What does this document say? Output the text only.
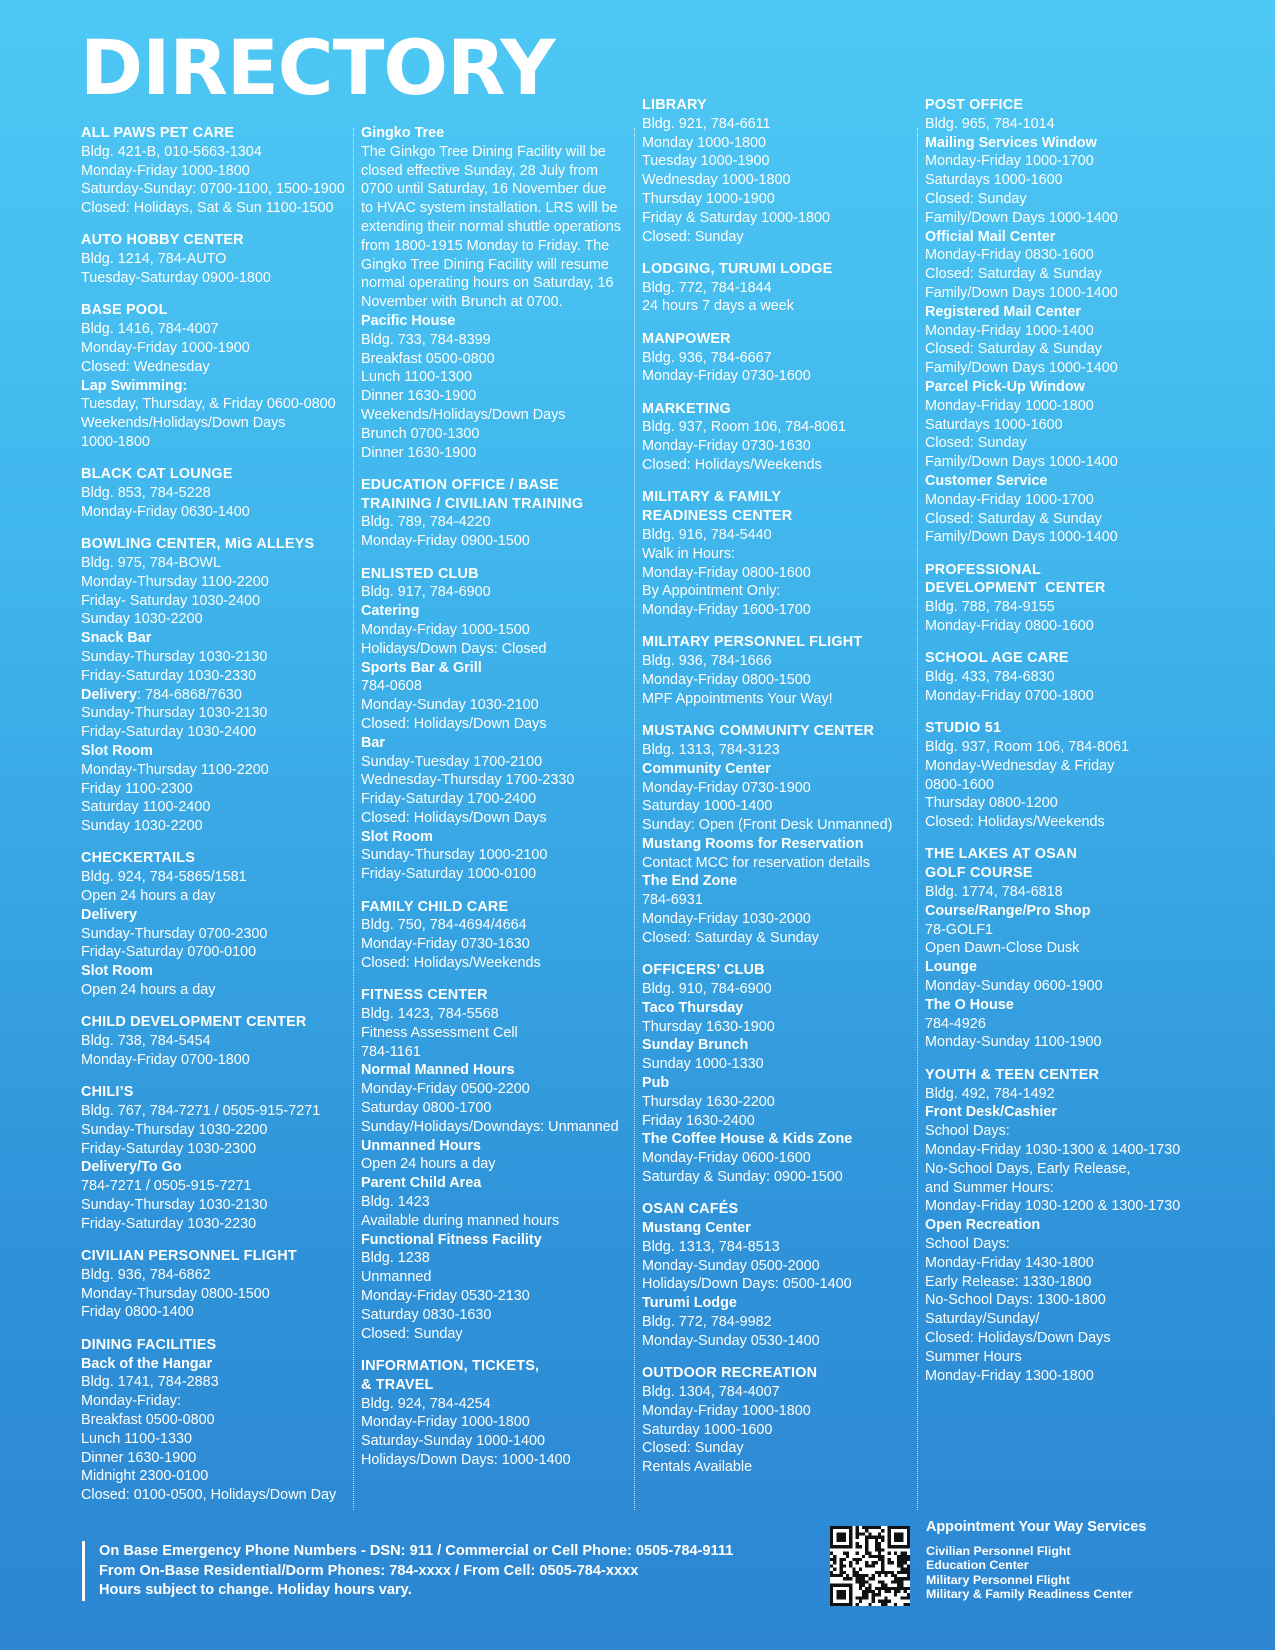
DIRECTORY
ALL PAWS PET CARE
Bldg. 421-B, 010-5663-1304
Monday-Friday 1000-1800
Saturday-Sunday: 0700-1100, 1500-1900
Closed: Holidays, Sat & Sun 1100-1500
AUTO HOBBY CENTER
Bldg. 1214, 784-AUTO
Tuesday-Saturday 0900-1800
BASE POOL
Bldg. 1416, 784-4007
Monday-Friday 1000-1900
Closed: Wednesday
Lap Swimming:
Tuesday, Thursday, & Friday 0600-0800
Weekends/Holidays/Down Days
1000-1800
BLACK CAT LOUNGE
Bldg. 853, 784-5228
Monday-Friday 0630-1400
BOWLING CENTER, MiG ALLEYS
Bldg. 975, 784-BOWL
Monday-Thursday 1100-2200
Friday- Saturday 1030-2400
Sunday 1030-2200
Snack Bar
Sunday-Thursday 1030-2130
Friday-Saturday 1030-2330
Delivery: 784-6868/7630
Sunday-Thursday 1030-2130
Friday-Saturday 1030-2400
Slot Room
Monday-Thursday 1100-2200
Friday 1100-2300
Saturday 1100-2400
Sunday 1030-2200
CHECKERTAILS
Bldg. 924, 784-5865/1581
Open 24 hours a day
Delivery
Sunday-Thursday 0700-2300
Friday-Saturday 0700-0100
Slot Room
Open 24 hours a day
CHILD DEVELOPMENT CENTER
Bldg. 738, 784-5454
Monday-Friday 0700-1800
CHILI’S
Bldg. 767, 784-7271 / 0505-915-7271
Sunday-Thursday 1030-2200
Friday-Saturday 1030-2300
Delivery/To Go
784-7271 / 0505-915-7271
Sunday-Thursday 1030-2130
Friday-Saturday 1030-2230
CIVILIAN PERSONNEL FLIGHT
Bldg. 936, 784-6862
Monday-Thursday 0800-1500
Friday 0800-1400
DINING FACILITIES
Back of the Hangar
Bldg. 1741, 784-2883
Monday-Friday:
Breakfast 0500-0800
Lunch 1100-1330
Dinner 1630-1900
Midnight 2300-0100
Closed: 0100-0500, Holidays/Down Day
Gingko Tree
The Ginkgo Tree Dining Facility will be
closed effective Sunday, 28 July from
0700 until Saturday, 16 November due
to HVAC system installation. LRS will be
extending their normal shuttle operations
from 1800-1915 Monday to Friday. The
Gingko Tree Dining Facility will resume
normal operating hours on Saturday, 16
November with Brunch at 0700.
Pacific House
Bldg. 733, 784-8399
Breakfast 0500-0800
Lunch 1100-1300
Dinner 1630-1900
Weekends/Holidays/Down Days
Brunch 0700-1300
Dinner 1630-1900
EDUCATION OFFICE / BASE
TRAINING / CIVILIAN TRAINING
Bldg. 789, 784-4220
Monday-Friday 0900-1500
ENLISTED CLUB
Bldg. 917, 784-6900
Catering
Monday-Friday 1000-1500
Holidays/Down Days: Closed
Sports Bar & Grill
784-0608
Monday-Sunday 1030-2100
Closed: Holidays/Down Days
Bar
Sunday-Tuesday 1700-2100
Wednesday-Thursday 1700-2330
Friday-Saturday 1700-2400
Closed: Holidays/Down Days
Slot Room
Sunday-Thursday 1000-2100
Friday-Saturday 1000-0100
FAMILY CHILD CARE
Bldg. 750, 784-4694/4664
Monday-Friday 0730-1630
Closed: Holidays/Weekends
FITNESS CENTER
Bldg. 1423, 784-5568
Fitness Assessment Cell
784-1161
Normal Manned Hours
Monday-Friday 0500-2200
Saturday 0800-1700
Sunday/Holidays/Downdays: Unmanned
Unmanned Hours
Open 24 hours a day
Parent Child Area
Bldg. 1423
Available during manned hours
Functional Fitness Facility
Bldg. 1238
Unmanned
Monday-Friday 0530-2130
Saturday 0830-1630
Closed: Sunday
INFORMATION, TICKETS,
& TRAVEL
Bldg. 924, 784-4254
Monday-Friday 1000-1800
Saturday-Sunday 1000-1400
Holidays/Down Days: 1000-1400
LIBRARY
Bldg. 921, 784-6611
Monday 1000-1800
Tuesday 1000-1900
Wednesday 1000-1800
Thursday 1000-1900
Friday & Saturday 1000-1800
Closed: Sunday
LODGING, TURUMI LODGE
Bldg. 772, 784-1844
24 hours 7 days a week
MANPOWER
Bldg. 936, 784-6667
Monday-Friday 0730-1600
MARKETING
Bldg. 937, Room 106, 784-8061
Monday-Friday 0730-1630
Closed: Holidays/Weekends
MILITARY & FAMILY
READINESS CENTER
Bldg. 916, 784-5440
Walk in Hours:
Monday-Friday 0800-1600
By Appointment Only:
Monday-Friday 1600-1700
MILITARY PERSONNEL FLIGHT
Bldg. 936, 784-1666
Monday-Friday 0800-1500
MPF Appointments Your Way!
MUSTANG COMMUNITY CENTER
Bldg. 1313, 784-3123
Community Center
Monday-Friday 0730-1900
Saturday 1000-1400
Sunday: Open (Front Desk Unmanned)
Mustang Rooms for Reservation
Contact MCC for reservation details
The End Zone
784-6931
Monday-Friday 1030-2000
Closed: Saturday & Sunday
OFFICERS’ CLUB
Bldg. 910, 784-6900
Taco Thursday
Thursday 1630-1900
Sunday Brunch
Sunday 1000-1330
Pub
Thursday 1630-2200
Friday 1630-2400
The Coffee House & Kids Zone
Monday-Friday 0600-1600
Saturday & Sunday: 0900-1500
OSAN CAFÉS
Mustang Center
Bldg. 1313, 784-8513
Monday-Sunday 0500-2000
Holidays/Down Days: 0500-1400
Turumi Lodge
Bldg. 772, 784-9982
Monday-Sunday 0530-1400
OUTDOOR RECREATION
Bldg. 1304, 784-4007
Monday-Friday 1000-1800
Saturday 1000-1600
Closed: Sunday
Rentals Available
POST OFFICE
Bldg. 965, 784-1014
Mailing Services Window
Monday-Friday 1000-1700
Saturdays 1000-1600
Closed: Sunday
Family/Down Days 1000-1400
Official Mail Center
Monday-Friday 0830-1600
Closed: Saturday & Sunday
Family/Down Days 1000-1400
Registered Mail Center
Monday-Friday 1000-1400
Closed: Saturday & Sunday
Family/Down Days 1000-1400
Parcel Pick-Up Window
Monday-Friday 1000-1800
Saturdays 1000-1600
Closed: Sunday
Family/Down Days 1000-1400
Customer Service
Monday-Friday 1000-1700
Closed: Saturday & Sunday
Family/Down Days 1000-1400
PROFESSIONAL
DEVELOPMENT  CENTER
Bldg. 788, 784-9155
Monday-Friday 0800-1600
SCHOOL AGE CARE
Bldg. 433, 784-6830
Monday-Friday 0700-1800
STUDIO 51
Bldg. 937, Room 106, 784-8061
Monday-Wednesday & Friday
0800-1600
Thursday 0800-1200
Closed: Holidays/Weekends
THE LAKES AT OSAN
GOLF COURSE
Bldg. 1774, 784-6818
Course/Range/Pro Shop
78-GOLF1
Open Dawn-Close Dusk
Lounge
Monday-Sunday 0600-1900
The O House
784-4926
Monday-Sunday 1100-1900
YOUTH & TEEN CENTER
Bldg. 492, 784-1492
Front Desk/Cashier
School Days:
Monday-Friday 1030-1300 & 1400-1730
No-School Days, Early Release,
and Summer Hours:
Monday-Friday 1030-1200 & 1300-1730
Open Recreation
School Days:
Monday-Friday 1430-1800
Early Release: 1330-1800
No-School Days: 1300-1800
Saturday/Sunday/
Closed: Holidays/Down Days
Summer Hours
Monday-Friday 1300-1800
On Base Emergency Phone Numbers - DSN: 911 / Commercial or Cell Phone: 0505-784-9111
From On-Base Residential/Dorm Phones: 784-xxxx / From Cell: 0505-784-xxxx
Hours subject to change. Holiday hours vary.
Appointment Your Way Services
Civilian Personnel Flight
Education Center
Military Personnel Flight
Military & Family Readiness Center
